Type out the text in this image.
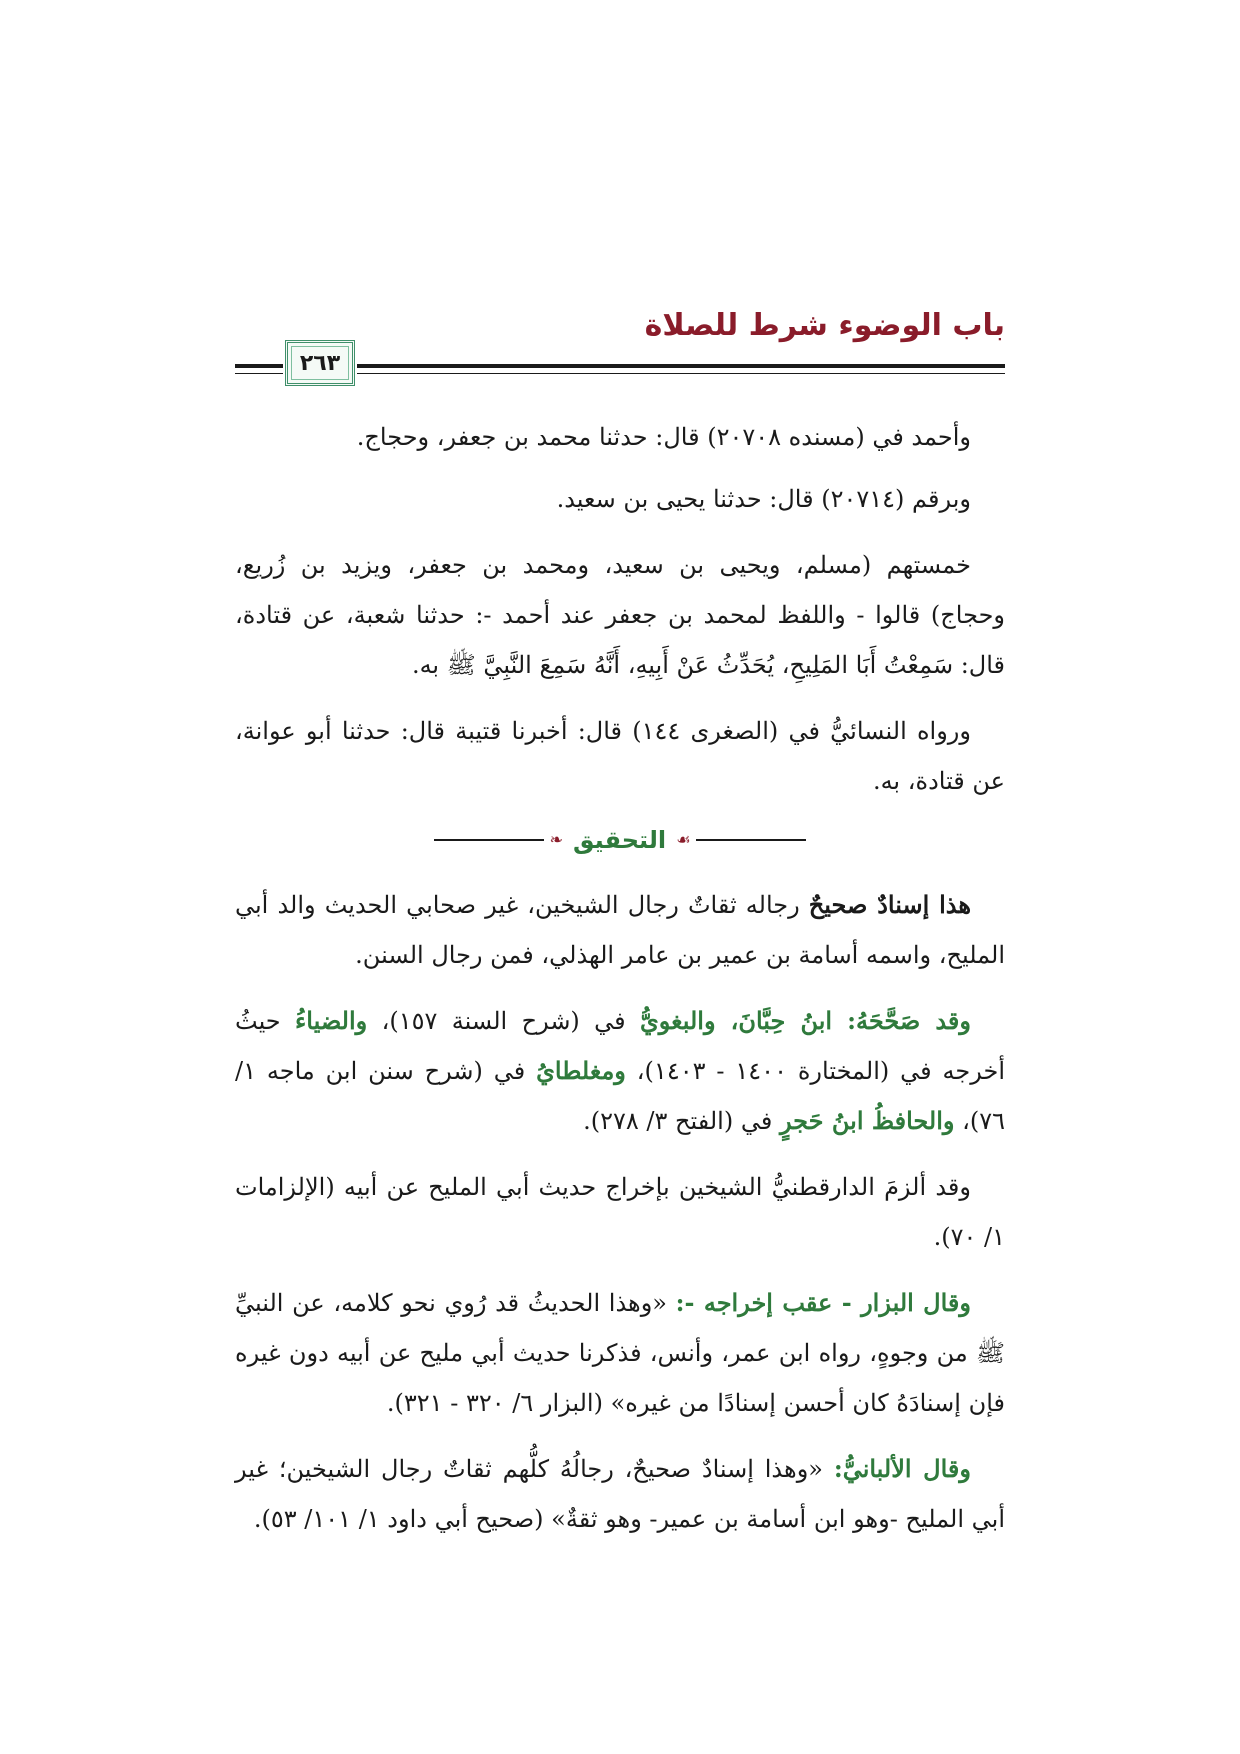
باب الوضوء شرط للصلاة
٢٦٣

وأحمد في (مسنده ٢٠٧٠٨) قال: حدثنا محمد بن جعفر، وحجاج.

وبرقم (٢٠٧١٤) قال: حدثنا يحيى بن سعيد.

خمستهم (مسلم، ويحيى بن سعيد، ومحمد بن جعفر، ويزيد بن زُريع، وحجاج) قالوا - واللفظ لمحمد بن جعفر عند أحمد -: حدثنا شعبة، عن قتادة، قال: سَمِعْتُ أَبَا المَلِيحِ، يُحَدِّثُ عَنْ أَبِيهِ، أَنَّهُ سَمِعَ النَّبِيَّ ﷺ به.

ورواه النسائيُّ في (الصغرى ١٤٤) قال: أخبرنا قتيبة قال: حدثنا أبو عوانة، عن قتادة، به.

☙
التحقيق
❧

هذا إسنادٌ صحيحٌ رجاله ثقاتٌ رجال الشيخين، غير صحابي الحديث والد أبي المليح، واسمه أسامة بن عمير بن عامر الهذلي، فمن رجال السنن.

وقد صَحَّحَهُ: ابنُ حِبَّانَ، والبغويُّ في (شرح السنة ١٥٧)، والضياءُ حيثُ أخرجه في (المختارة ١٤٠٠ - ١٤٠٣)، ومغلطايُ في (شرح سنن ابن ماجه ١/ ٧٦)، والحافظُ ابنُ حَجرٍ في (الفتح ٣/ ٢٧٨).

وقد ألزمَ الدارقطنيُّ الشيخين بإخراج حديث أبي المليح عن أبيه (الإلزامات ١/ ٧٠).

وقال البزار - عقب إخراجه -: «وهذا الحديثُ قد رُوي نحو كلامه، عن النبيِّ ﷺ من وجوهٍ، رواه ابن عمر، وأنس، فذكرنا حديث أبي مليح عن أبيه دون غيره فإن إسنادَهُ كان أحسن إسنادًا من غيره» (البزار ٦/ ٣٢٠ - ٣٢١).

وقال الألبانيُّ: «وهذا إسنادٌ صحيحٌ، رجالُهُ كلُّهم ثقاتٌ رجال الشيخين؛ غير أبي المليح -وهو ابن أسامة بن عمير- وهو ثقةٌ» (صحيح أبي داود ١/ ١٠١/ ٥٣).
